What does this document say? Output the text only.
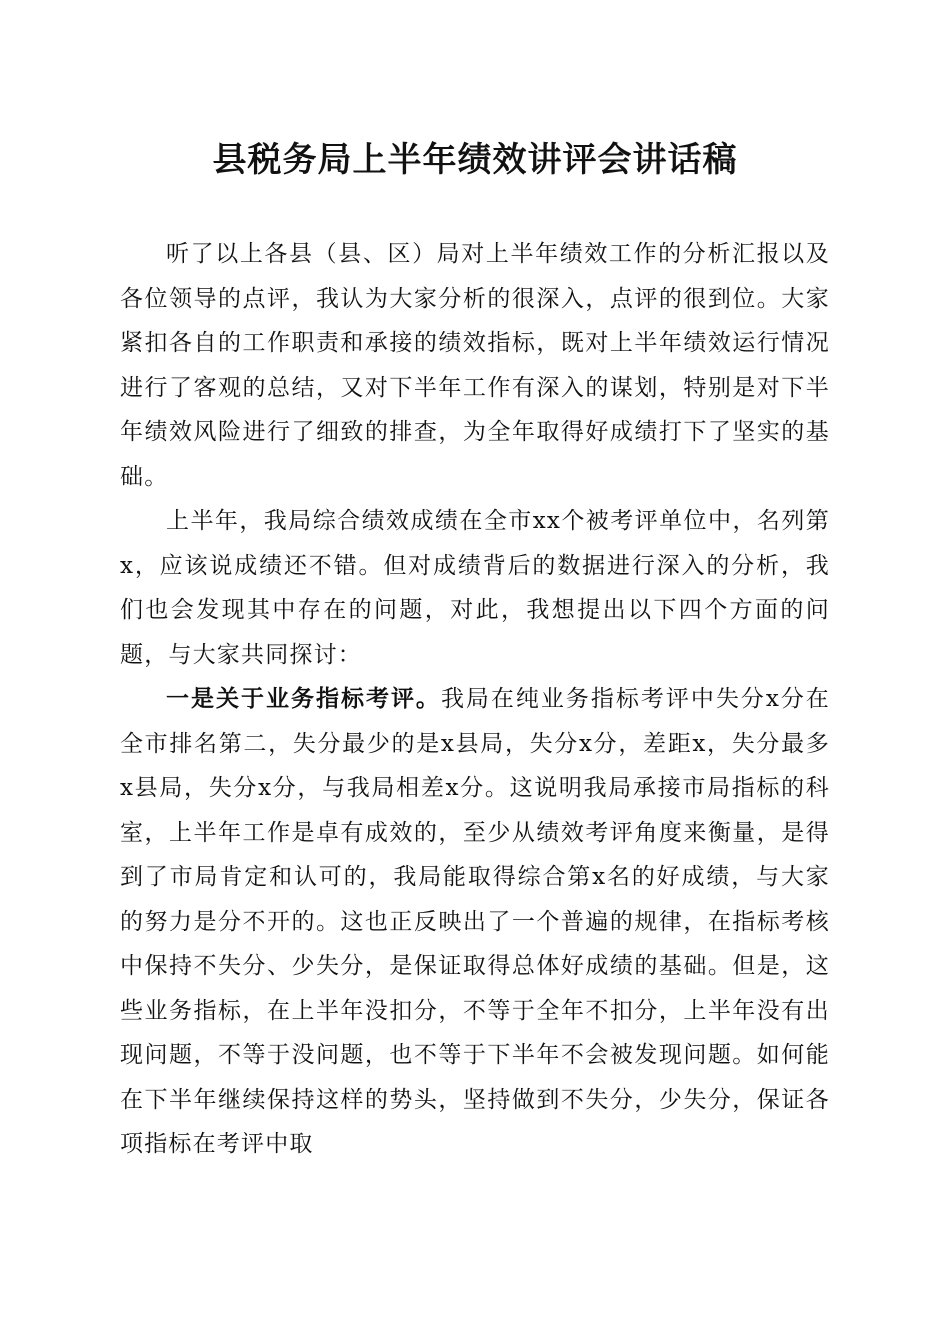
县税务局上半年绩效讲评会讲话稿

听了以上各县（县、区）局对上半年绩效工作的分析汇报以及各位领导的点评，我认为大家分析的很深入，点评的很到位。大家紧扣各自的工作职责和承接的绩效指标，既对上半年绩效运行情况进行了客观的总结，又对下半年工作有深入的谋划，特别是对下半年绩效风险进行了细致的排查，为全年取得好成绩打下了坚实的基础。

上半年，我局综合绩效成绩在全市xx个被考评单位中，名列第x，应该说成绩还不错。但对成绩背后的数据进行深入的分析，我们也会发现其中存在的问题，对此，我想提出以下四个方面的问题，与大家共同探讨：

一是关于业务指标考评。我局在纯业务指标考评中失分x分在全市排名第二，失分最少的是x县局，失分x分，差距x，失分最多x县局，失分x分，与我局相差x分。这说明我局承接市局指标的科室，上半年工作是卓有成效的，至少从绩效考评角度来衡量，是得到了市局肯定和认可的，我局能取得综合第x名的好成绩，与大家的努力是分不开的。这也正反映出了一个普遍的规律，在指标考核中保持不失分、少失分，是保证取得总体好成绩的基础。但是，这些业务指标，在上半年没扣分，不等于全年不扣分，上半年没有出现问题，不等于没问题，也不等于下半年不会被发现问题。如何能在下半年继续保持这样的势头，坚持做到不失分，少失分，保证各项指标在考评中取
